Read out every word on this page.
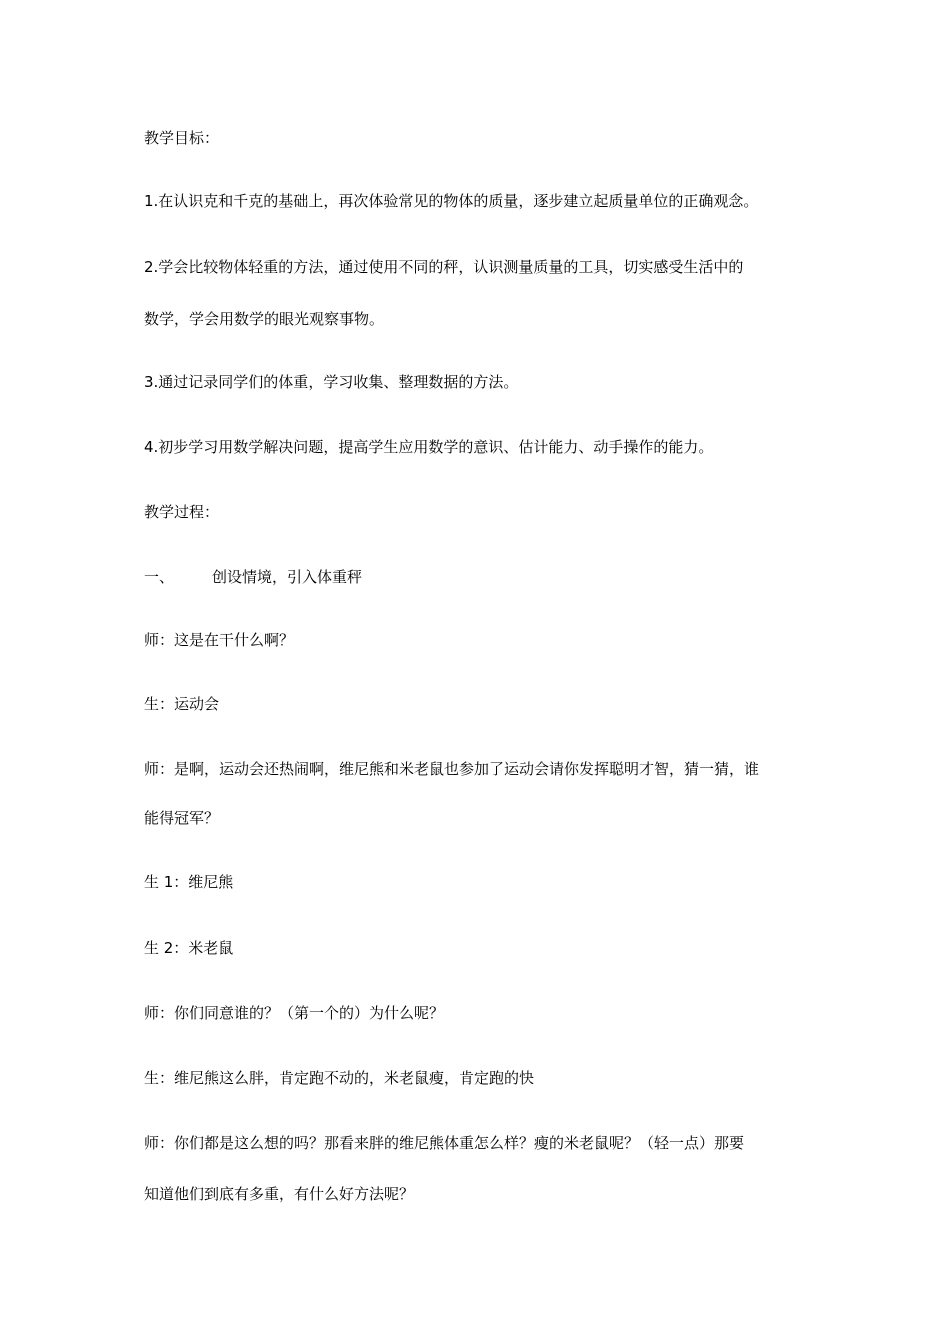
教学目标：
1.在认识克和千克的基础上，再次体验常见的物体的质量，逐步建立起质量单位的正确观念。
2.学会比较物体轻重的方法，通过使用不同的秤，认识测量质量的工具，切实感受生活中的
数学，学会用数学的眼光观察事物。
3.通过记录同学们的体重，学习收集、整理数据的方法。
4.初步学习用数学解决问题，提高学生应用数学的意识、估计能力、动手操作的能力。
教学过程：
一、	创设情境，引入体重秤
师：这是在干什么啊？
生：运动会
师：是啊，运动会还热闹啊，维尼熊和米老鼠也参加了运动会请你发挥聪明才智，猜一猜，谁
能得冠军？
生 1：维尼熊
生 2：米老鼠
师：你们同意谁的？（第一个的）为什么呢？
生：维尼熊这么胖，肯定跑不动的，米老鼠瘦，肯定跑的快
师：你们都是这么想的吗？那看来胖的维尼熊体重怎么样？瘦的米老鼠呢？（轻一点）那要
知道他们到底有多重，有什么好方法呢？
